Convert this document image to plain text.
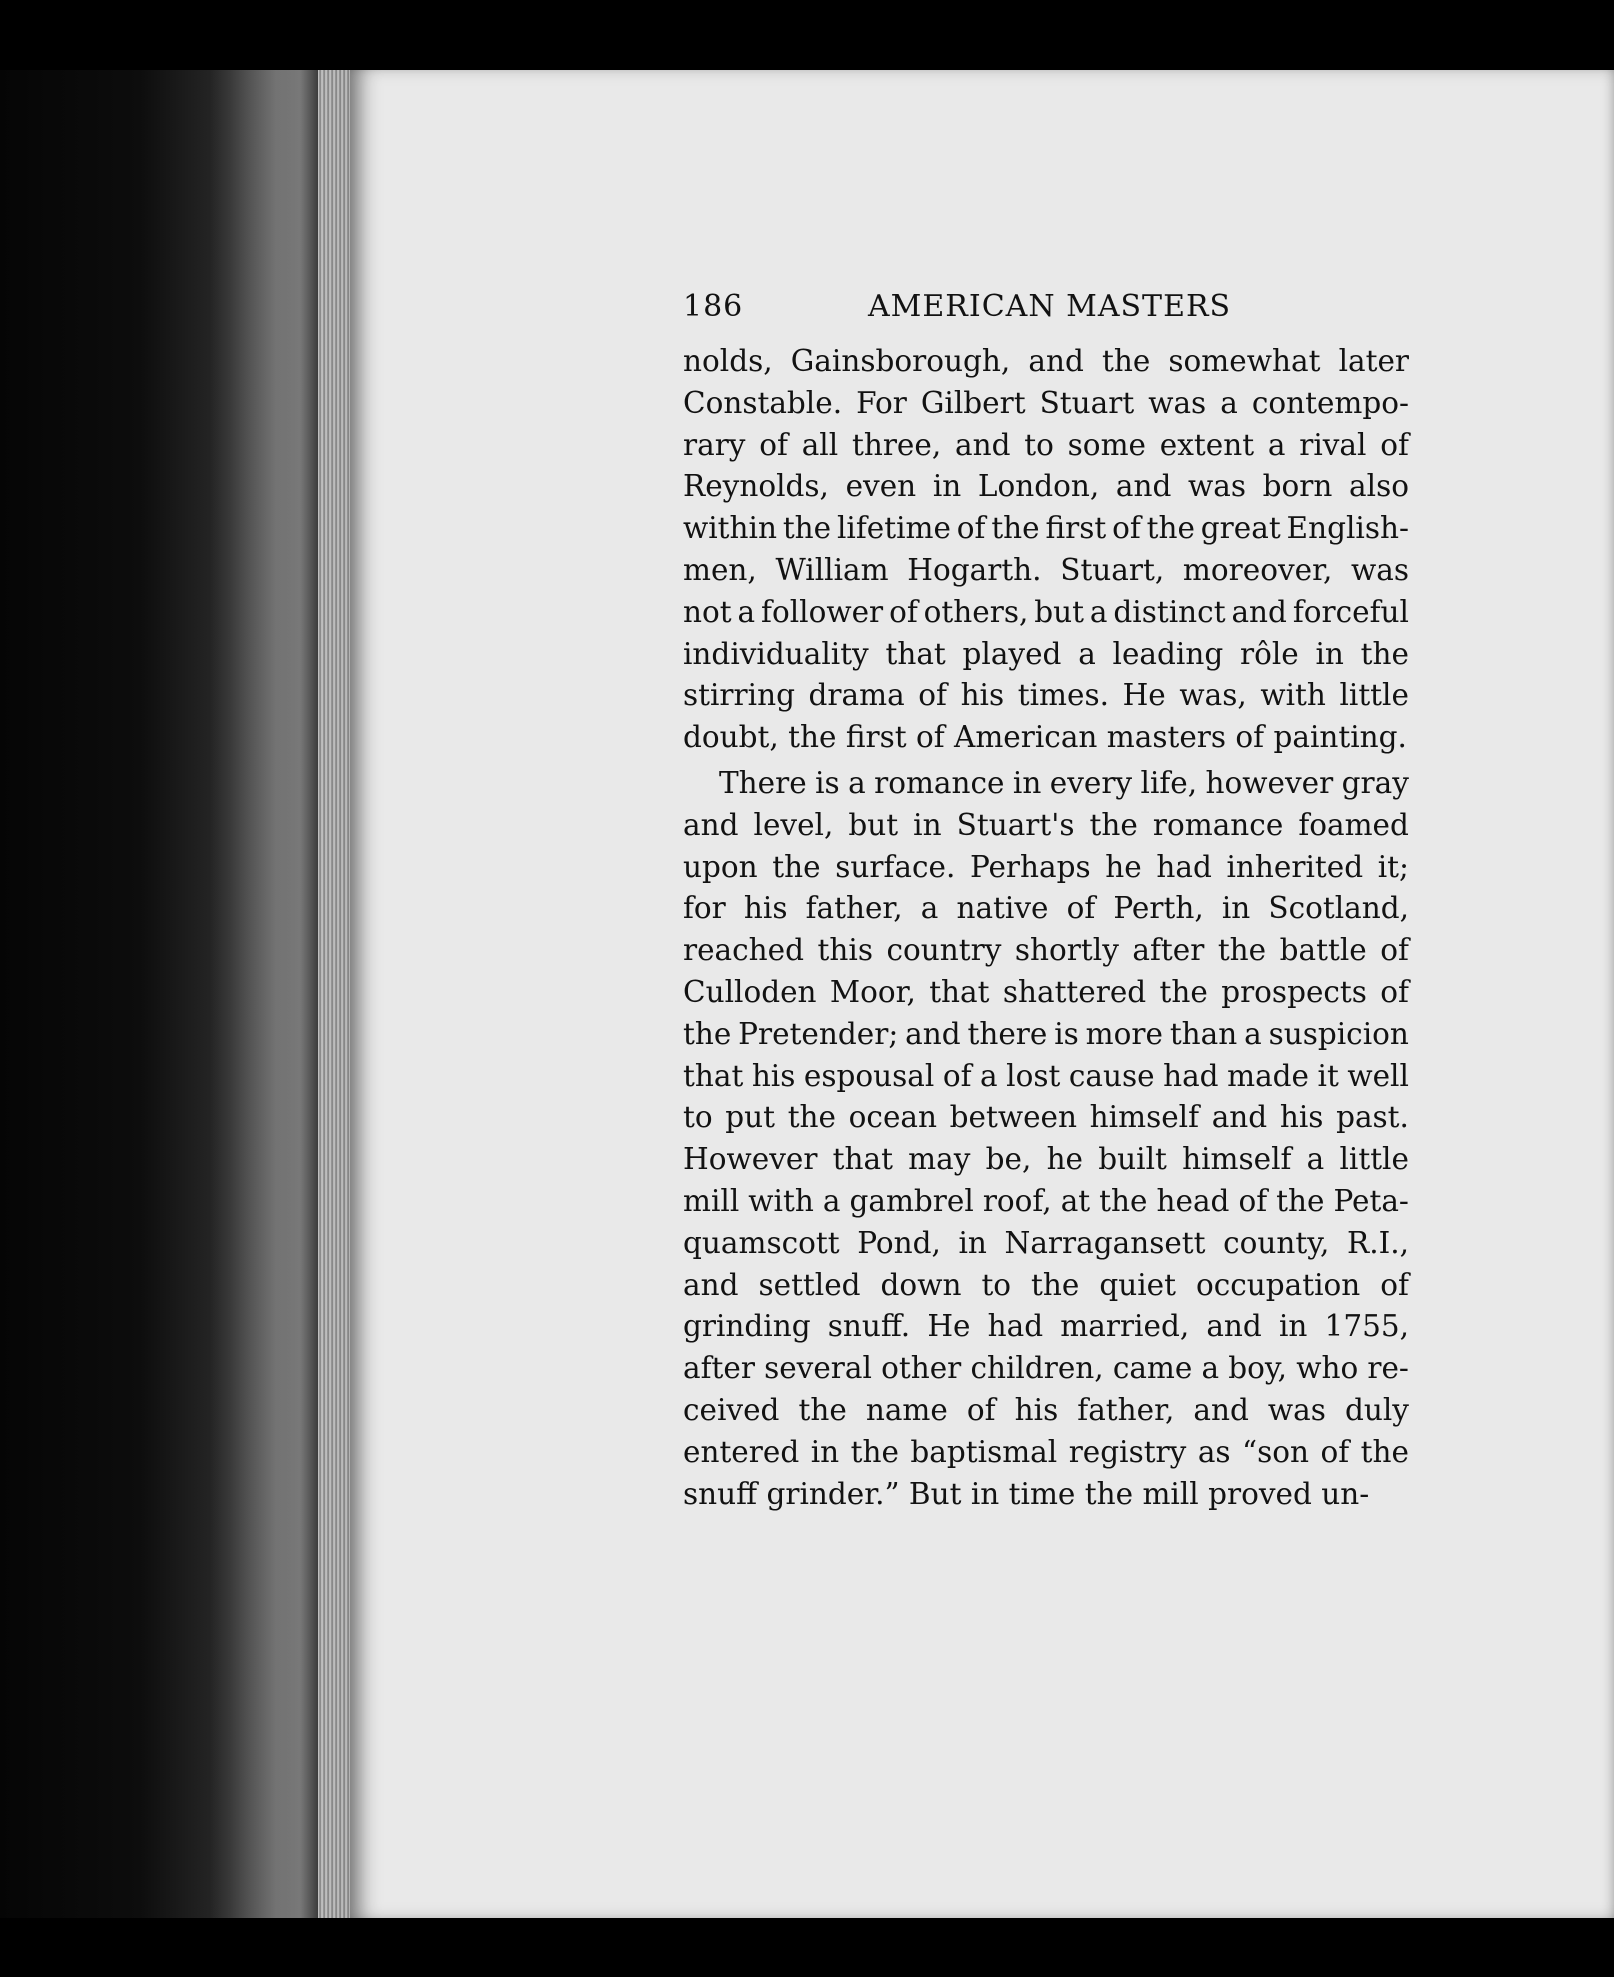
186	AMERICAN MASTERS
nolds, Gainsborough, and the somewhat later
Constable. For Gilbert Stuart was a contempo-
rary of all three, and to some extent a rival of
Reynolds, even in London, and was born also
within the lifetime of the first of the great English-
men, William Hogarth. Stuart, moreover, was
not a follower of others, but a distinct and forceful
individuality that played a leading rôle in the
stirring drama of his times. He was, with little
doubt, the first of American masters of painting.
There is a romance in every life, however gray
and level, but in Stuart's the romance foamed
upon the surface. Perhaps he had inherited it;
for his father, a native of Perth, in Scotland,
reached this country shortly after the battle of
Culloden Moor, that shattered the prospects of
the Pretender; and there is more than a suspicion
that his espousal of a lost cause had made it well
to put the ocean between himself and his past.
However that may be, he built himself a little
mill with a gambrel roof, at the head of the Peta-
quamscott Pond, in Narragansett county, R.I.,
and settled down to the quiet occupation of
grinding snuff. He had married, and in 1755,
after several other children, came a boy, who re-
ceived the name of his father, and was duly
entered in the baptismal registry as “son of the
snuff grinder.” But in time the mill proved un-
